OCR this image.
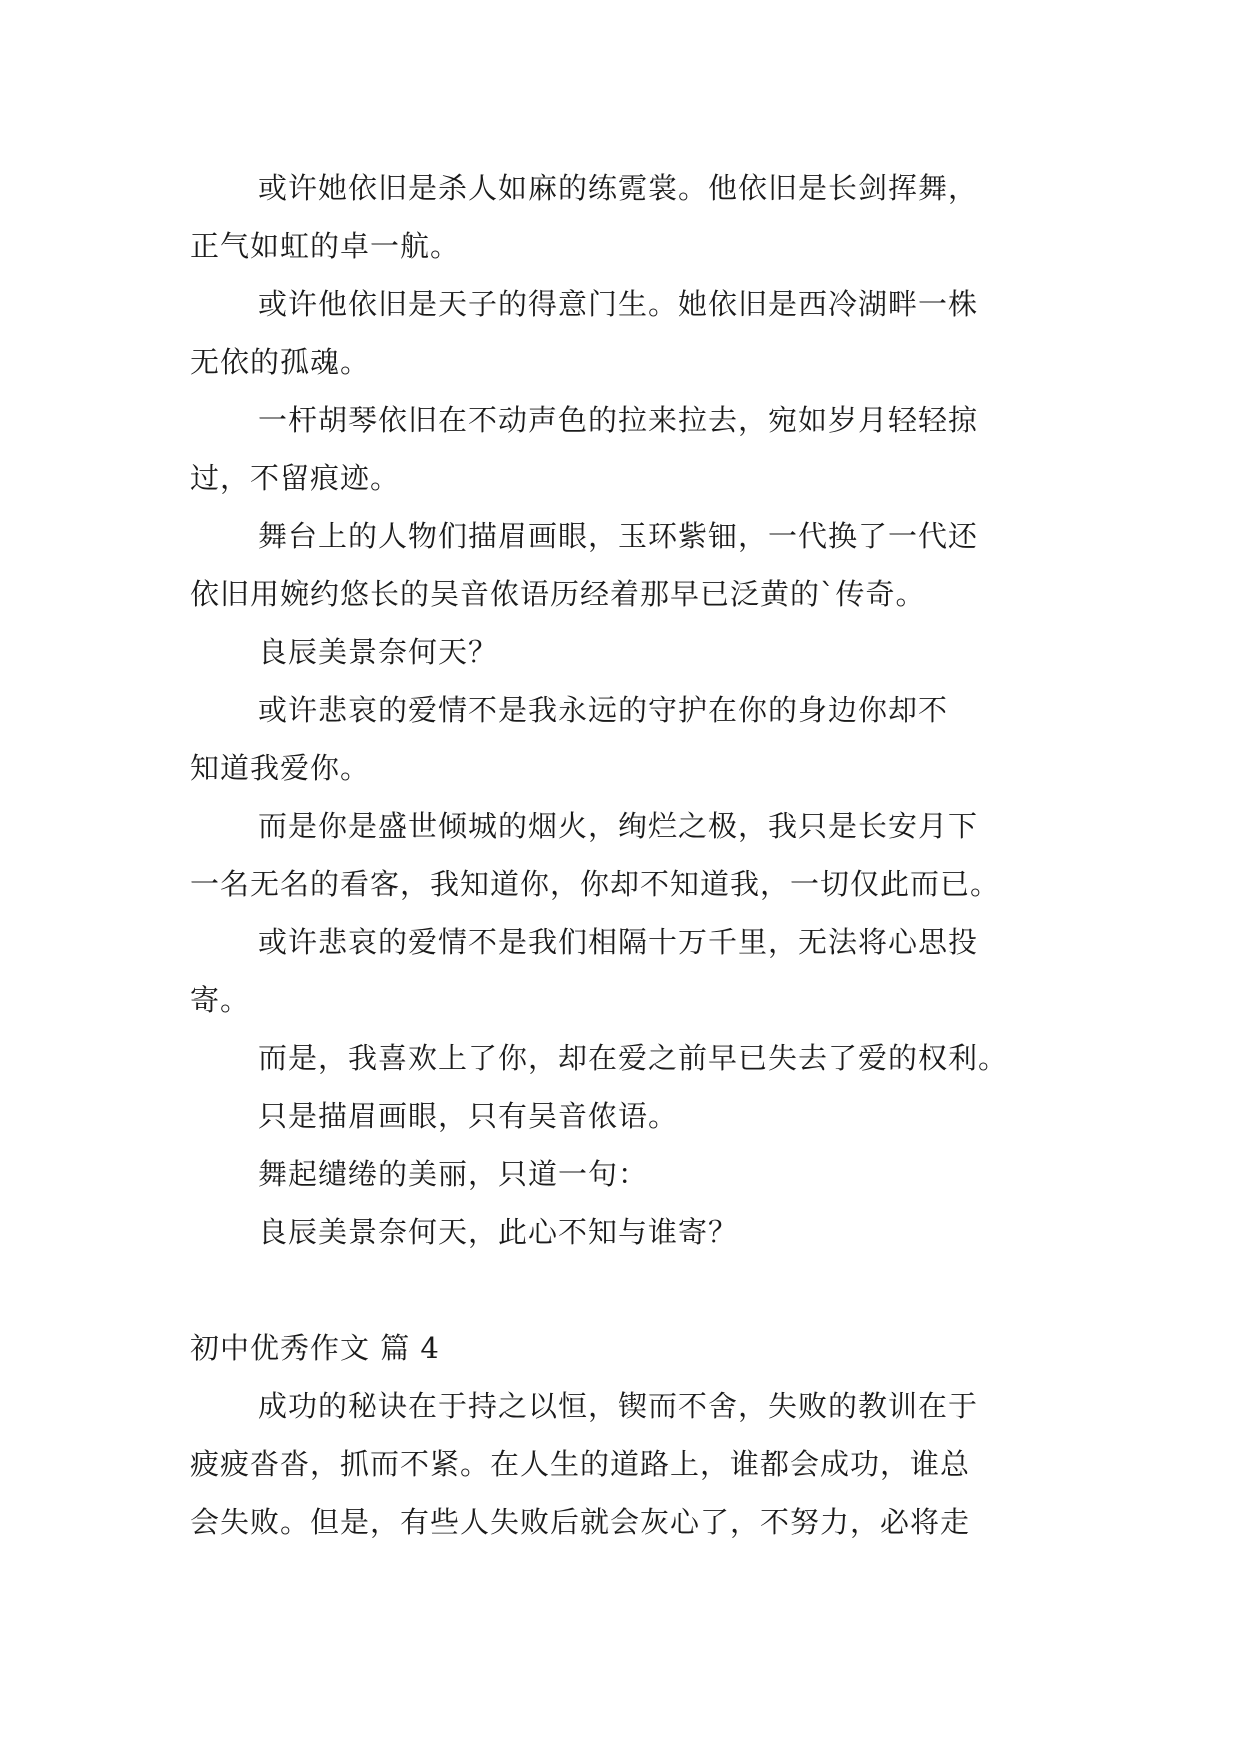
或许她依旧是杀人如麻的练霓裳。他依旧是长剑挥舞，
正气如虹的卓一航。
或许他依旧是天子的得意门生。她依旧是西冷湖畔一株
无依的孤魂。
一杆胡琴依旧在不动声色的拉来拉去，宛如岁月轻轻掠
过，不留痕迹。
舞台上的人物们描眉画眼，玉环紫钿，一代换了一代还
依旧用婉约悠长的吴音侬语历经着那早已泛黄的`传奇。
良辰美景奈何天？
或许悲哀的爱情不是我永远的守护在你的身边你却不
知道我爱你。
而是你是盛世倾城的烟火，绚烂之极，我只是长安月下
一名无名的看客，我知道你，你却不知道我，一切仅此而已。
或许悲哀的爱情不是我们相隔十万千里，无法将心思投
寄。
而是，我喜欢上了你，却在爱之前早已失去了爱的权利。
只是描眉画眼，只有吴音侬语。
舞起缱绻的美丽，只道一句：
良辰美景奈何天，此心不知与谁寄？
初中优秀作文 篇 4
成功的秘诀在于持之以恒，锲而不舍，失败的教训在于
疲疲沓沓，抓而不紧。在人生的道路上，谁都会成功，谁总
会失败。但是，有些人失败后就会灰心了，不努力，必将走
